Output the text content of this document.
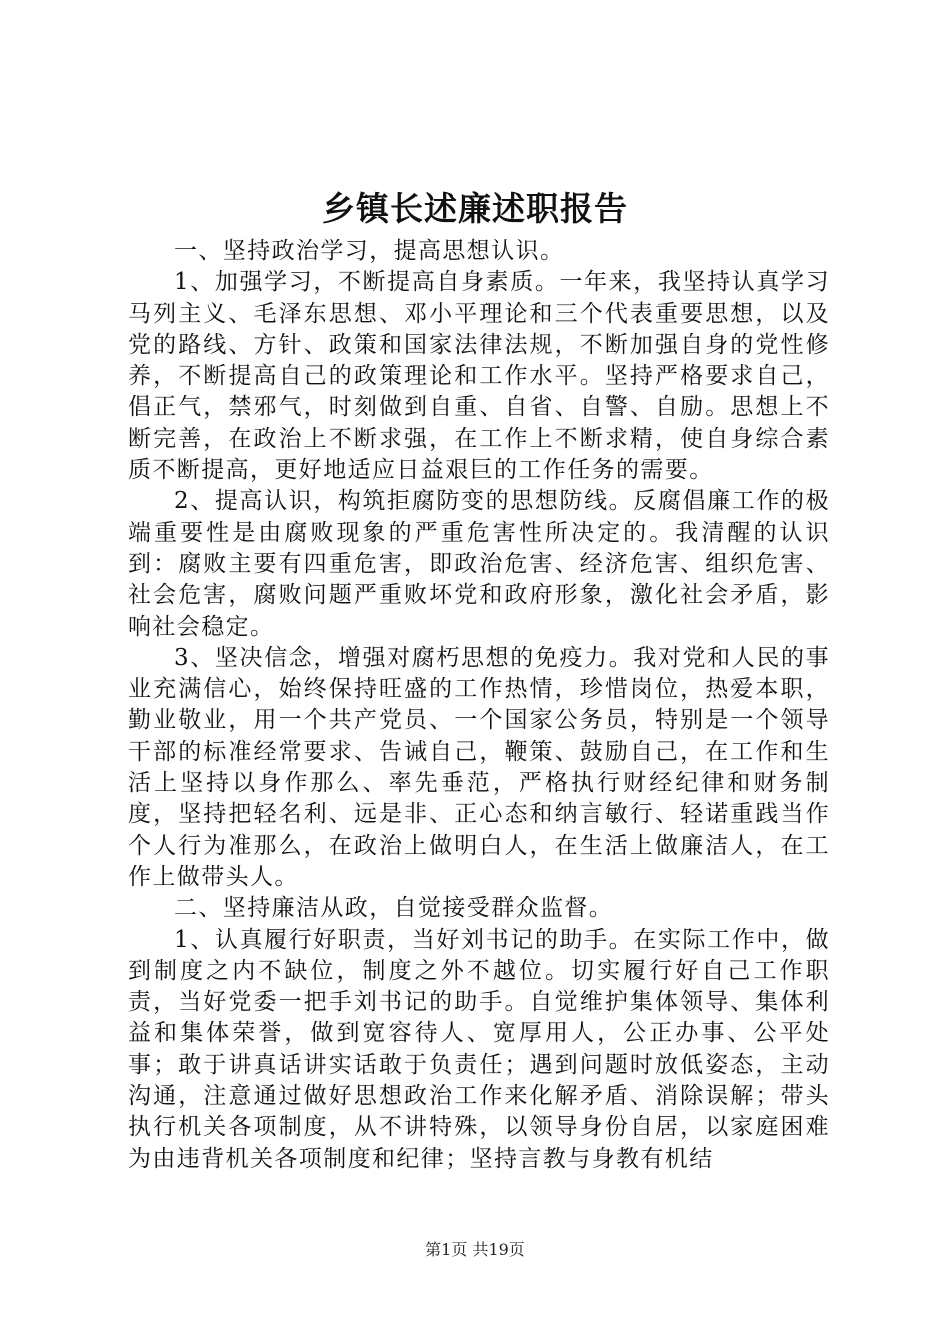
乡镇长述廉述职报告

一、坚持政治学习，提高思想认识。

1、加强学习，不断提高自身素质。一年来，我坚持认真学习马列主义、毛泽东思想、邓小平理论和三个代表重要思想，以及党的路线、方针、政策和国家法律法规，不断加强自身的党性修养，不断提高自己的政策理论和工作水平。坚持严格要求自己，倡正气，禁邪气，时刻做到自重、自省、自警、自励。思想上不断完善，在政治上不断求强，在工作上不断求精，使自身综合素质不断提高，更好地适应日益艰巨的工作任务的需要。

2、提高认识，构筑拒腐防变的思想防线。反腐倡廉工作的极端重要性是由腐败现象的严重危害性所决定的。我清醒的认识到：腐败主要有四重危害，即政治危害、经济危害、组织危害、社会危害，腐败问题严重败坏党和政府形象，激化社会矛盾，影响社会稳定。

3、坚决信念，增强对腐朽思想的免疫力。我对党和人民的事业充满信心，始终保持旺盛的工作热情，珍惜岗位，热爱本职，勤业敬业，用一个共产党员、一个国家公务员，特别是一个领导干部的标准经常要求、告诫自己，鞭策、鼓励自己，在工作和生活上坚持以身作那么、率先垂范，严格执行财经纪律和财务制度，坚持把轻名利、远是非、正心态和纳言敏行、轻诺重践当作个人行为准那么，在政治上做明白人，在生活上做廉洁人，在工作上做带头人。

二、坚持廉洁从政，自觉接受群众监督。

1、认真履行好职责，当好刘书记的助手。在实际工作中，做到制度之内不缺位，制度之外不越位。切实履行好自己工作职责，当好党委一把手刘书记的助手。自觉维护集体领导、集体利益和集体荣誉，做到宽容待人、宽厚用人，公正办事、公平处事；敢于讲真话讲实话敢于负责任；遇到问题时放低姿态，主动沟通，注意通过做好思想政治工作来化解矛盾、消除误解；带头执行机关各项制度，从不讲特殊，以领导身份自居，以家庭困难为由违背机关各项制度和纪律；坚持言教与身教有机结

第1页 共19页
